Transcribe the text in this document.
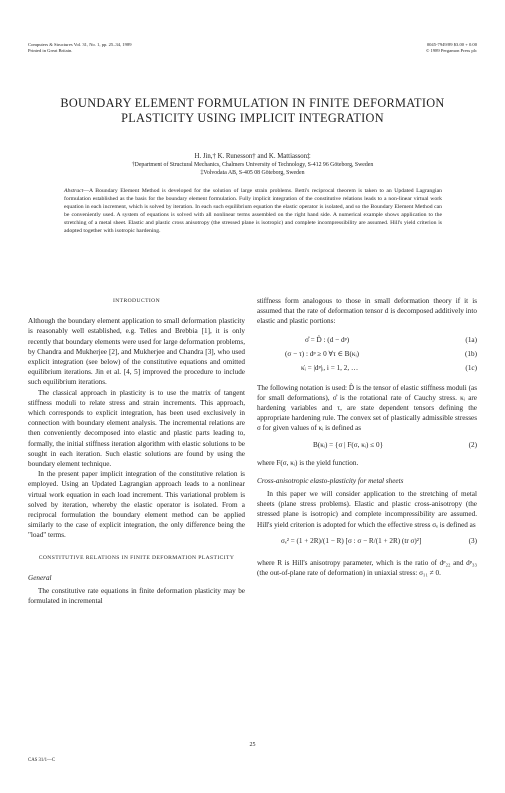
Computers & Structures Vol. 31, No. 1, pp. 25–34, 1989
Printed in Great Britain.
0045-7949/89 $3.00 + 0.00
© 1989 Pergamon Press plc
BOUNDARY ELEMENT FORMULATION IN FINITE DEFORMATION PLASTICITY USING IMPLICIT INTEGRATION
H. Jin,† K. Runesson† and K. Mattiasson‡
†Department of Structural Mechanics, Chalmers University of Technology, S-412 96 Göteborg, Sweden
‡Volvodata AB, S-405 08 Göteborg, Sweden
Abstract—A Boundary Element Method is developed for the solution of large strain problems. Betti's reciprocal theorem is taken to an Updated Lagrangian formulation established as the basis for the boundary element formulation. Fully implicit integration of the constitutive relations leads to a non-linear virtual work equation in each increment, which is solved by iteration. In each such equilibrium equation the elastic operator is isolated, and so the Boundary Element Method can be conveniently used. A system of equations is solved with all nonlinear terms assembled on the right hand side. A numerical example shows application to the stretching of a metal sheet. Elastic and plastic cross anisotropy (the stressed plane is isotropic) and complete incompressibility are assumed. Hill's yield criterion is adopted together with isotropic hardening.
INTRODUCTION

Although the boundary element application to small deformation plasticity is reasonably well established, e.g. Telles and Brebbia [1], it is only recently that boundary elements were used for large deformation problems, by Chandra and Mukherjee [2], and Mukherjee and Chandra [3], who used explicit integration (see below) of the constitutive equations and omitted equilibrium iterations. Jin et al. [4, 5] improved the procedure to include such equilibrium iterations.

The classical approach in plasticity is to use the matrix of tangent stiffness moduli to relate stress and strain increments. This approach, which corresponds to explicit integration, has been used exclusively in connection with boundary element analysis. The incremental relations are then conveniently decomposed into elastic and plastic parts leading to, formally, the initial stiffness iteration algorithm with elastic solutions to be sought in each iteration. Such elastic solutions are found by using the boundary element technique.

In the present paper implicit integration of the constitutive relation is employed. Using an Updated Lagrangian approach leads to a nonlinear virtual work equation in each load increment. This variational problem is solved by iteration, whereby the elastic operator is isolated. From a reciprocal formulation the boundary element method can be applied similarly to the case of explicit integration, the only difference being the "load" terms.

CONSTITUTIVE RELATIONS IN FINITE DEFORMATION PLASTICITY
General

The constitutive rate equations in finite deformation plasticity may be formulated in incremental

stiffness form analogous to those in small deformation theory if it is assumed that the rate of deformation tensor d is decomposed additively into elastic and plastic portions:

σ̊ = D̂ : (d − dᵖ)	(1a)
(σ − τ) : dᵖ ≥ 0 ∀τ ∈ B(κᵢ)	(1b)
κ̇ᵢ = |dᵖ|ᵢ, i = 1, 2, …	(1c)

The following notation is used: D̂ is the tensor of elastic stiffness moduli (as for small deformations), σ̊ is the rotational rate of Cauchy stress. κᵢ are hardening variables and τ, are state dependent tensors defining the appropriate hardening rule. The convex set of plastically admissible stresses σ for given values of κᵢ is defined as

B(κᵢ) = {σ | F(σ, κᵢ) ≤ 0}	(2)

where F(σ, κᵢ) is the yield function.

Cross-anisotropic elasto-plasticity for metal sheets

In this paper we will consider application to the stretching of metal sheets (plane stress problems). Elastic and plastic cross-anisotropy (the stressed plane is isotropic) and complete incompressibility are assumed. Hill's yield criterion is adopted for which the effective stress σₑ is defined as

σₑ² = (1 + 2R)/(1 − R) [σ : σ − R/(1 + 2R) (tr σ)²]	(3)

where R is Hill's anisotropy parameter, which is the ratio of dᵖ₂₂ and dᵖ₃₃ (the out-of-plane rate of deformation) in uniaxial stress: σ₁₁ ≠ 0.

25
CAS 31/1—C
